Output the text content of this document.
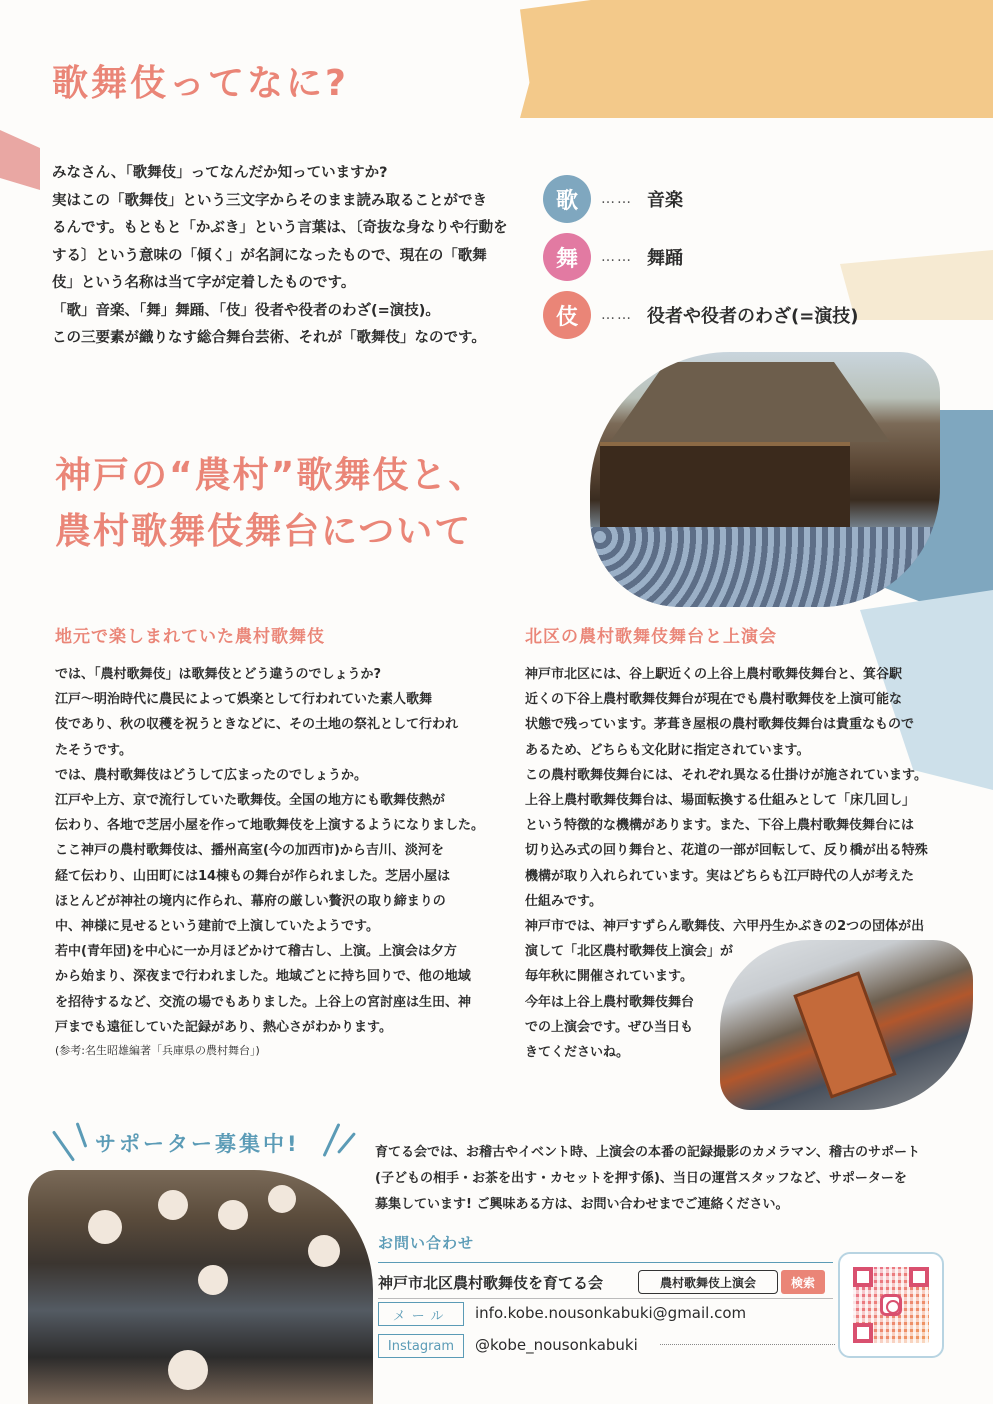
歌舞伎ってなに?

みなさん、「歌舞伎」ってなんだか知っていますか?

実はこの「歌舞伎」という三文字からそのまま読み取ることができ

るんです。もともと「かぶき」という言葉は、〔奇抜な身なりや行動を

する〕という意味の「傾く」が名詞になったもので、現在の「歌舞

伎」という名称は当て字が定着したものです。

「歌」音楽、「舞」舞踊、「伎」役者や役者のわざ(=演技)。

この三要素が織りなす総合舞台芸術、それが「歌舞伎」なのです。

歌	…… 音楽
舞	…… 舞踊
伎	…… 役者や役者のわざ(=演技)
神戸の“農村”歌舞伎と、
農村歌舞伎舞台について
地元で楽しまれていた農村歌舞伎

では、「農村歌舞伎」は歌舞伎とどう違うのでしょうか?

江戸〜明治時代に農民によって娯楽として行われていた素人歌舞

伎であり、秋の収穫を祝うときなどに、その土地の祭礼として行われ

たそうです。

では、農村歌舞伎はどうして広まったのでしょうか。

江戸や上方、京で流行していた歌舞伎。全国の地方にも歌舞伎熱が

伝わり、各地で芝居小屋を作って地歌舞伎を上演するようになりました。

ここ神戸の農村歌舞伎は、播州高室(今の加西市)から吉川、淡河を

経て伝わり、山田町には14棟もの舞台が作られました。芝居小屋は

ほとんどが神社の境内に作られ、幕府の厳しい贅沢の取り締まりの

中、神様に見せるという建前で上演していたようです。

若中(青年団)を中心に一か月ほどかけて稽古し、上演。上演会は夕方

から始まり、深夜まで行われました。地域ごとに持ち回りで、他の地域

を招待するなど、交流の場でもありました。上谷上の宮討座は生田、神

戸までも遠征していた記録があり、熱心さがわかります。

(参考:名生昭雄編著「兵庫県の農村舞台」)

北区の農村歌舞伎舞台と上演会

神戸市北区には、谷上駅近くの上谷上農村歌舞伎舞台と、箕谷駅

近くの下谷上農村歌舞伎舞台が現在でも農村歌舞伎を上演可能な

状態で残っています。茅葺き屋根の農村歌舞伎舞台は貴重なもので

あるため、どちらも文化財に指定されています。

この農村歌舞伎舞台には、それぞれ異なる仕掛けが施されています。

上谷上農村歌舞伎舞台は、場面転換する仕組みとして「床几回し」

という特徴的な機構があります。また、下谷上農村歌舞伎舞台には

切り込み式の回り舞台と、花道の一部が回転して、反り橋が出る特殊

機構が取り入れられています。実はどちらも江戸時代の人が考えた

仕組みです。

神戸市では、神戸すずらん歌舞伎、六甲丹生かぶきの2つの団体が出

演して「北区農村歌舞伎上演会」が

毎年秋に開催されています。

今年は上谷上農村歌舞伎舞台

での上演会です。ぜひ当日も

きてくださいね。

サポーター募集中!	育てる会では、お稽古やイベント時、上演会の本番の記録撮影のカメラマン、稽古のサポート

(子どもの相手・お茶を出す・カセットを押す係)、当日の運営スタッフなど、サポーターを

募集しています! ご興味ある方は、お問い合わせまでご連絡ください。

お問い合わせ
神戸市北区農村歌舞伎を育てる会	農村歌舞伎上演会	検索
メール	info.kobe.nousonkabuki@gmail.com
Instagram	@kobe_nousonkabuki
